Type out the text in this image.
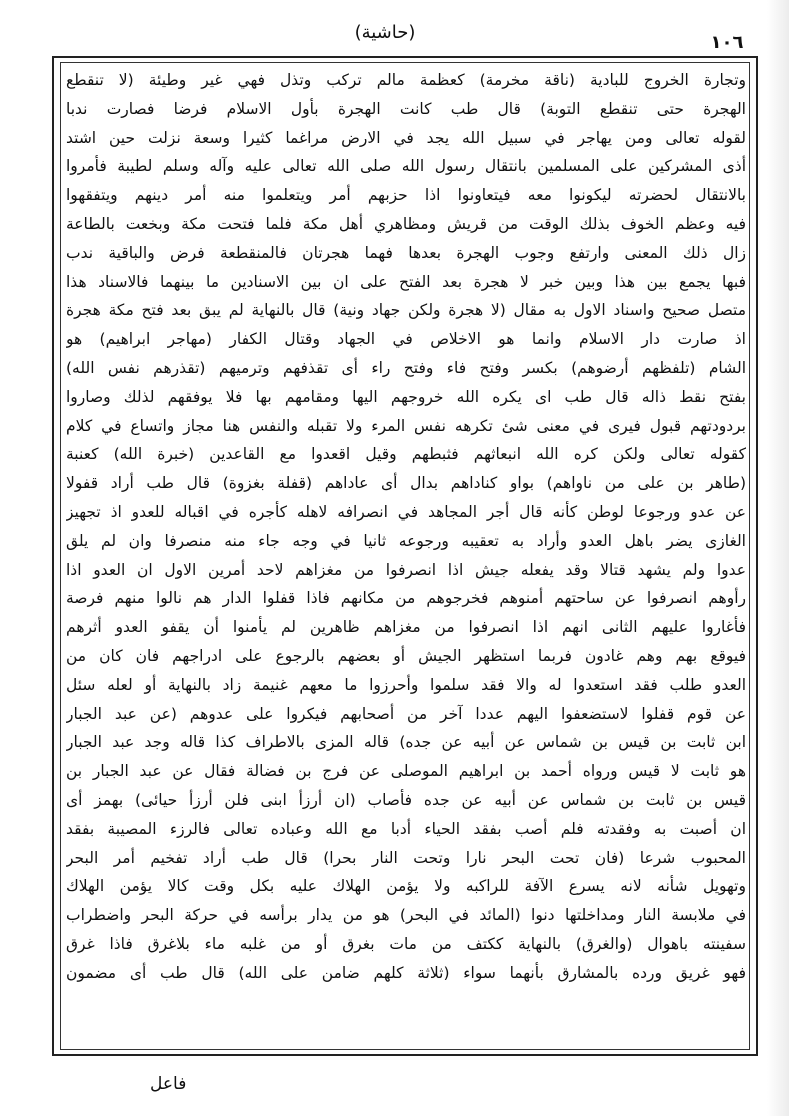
(حاشية)	١٠٦
وتجارة الخروج للبادية (ناقة مخرمة) كعظمة مالم تركب وتذل فهي غير وطيئة (لا تنقطع
الهجرة حتى تنقطع التوبة) قال طب كانت الهجرة بأول الاسلام فرضا فصارت ندبا
لقوله تعالى ومن يهاجر في سبيل الله يجد في الارض مراغما كثيرا وسعة نزلت حين اشتد
أذى المشركين على المسلمين بانتقال رسول الله صلى الله تعالى عليه وآله وسلم لطيبة فأمروا
بالانتقال لحضرته ليكونوا معه فيتعاونوا اذا حزبهم أمر ويتعلموا منه أمر دينهم ويتفقهوا
فيه وعظم الخوف بذلك الوقت من قريش ومظاهري أهل مكة فلما فتحت مكة وبخعت بالطاعة
زال ذلك المعنى وارتفع وجوب الهجرة بعدها فهما هجرتان فالمنقطعة فرض والباقية ندب
فبها يجمع بين هذا وبين خبر لا هجرة بعد الفتح على ان بين الاسنادين ما بينهما فالاسناد هذا
متصل صحيح واسناد الاول به مقال (لا هجرة ولكن جهاد ونية) قال بالنهاية لم يبق بعد فتح مكة هجرة
اذ صارت دار الاسلام وانما هو الاخلاص في الجهاد وقتال الكفار (مهاجر ابراهيم) هو
الشام (تلفظهم أرضوهم) بكسر وفتح فاء وفتح راء أى تقذفهم وترميهم (تقذرهم نفس الله)
بفتح نقط ذاله قال طب اى يكره الله خروجهم اليها ومقامهم بها فلا يوفقهم لذلك وصاروا
بردودتهم قبول فيرى في معنى شئ تكرهه نفس المرء ولا تقبله والنفس هنا مجاز واتساع في كلام
كقوله تعالى ولكن كره الله انبعاثهم فثبطهم وقيل اقعدوا مع القاعدين (خبرة الله) كعنبة
(طاهر بن على من ناواهم) بواو كناداهم بدال أى عاداهم (قفلة بغزوة) قال طب أراد قفولا
عن عدو ورجوعا لوطن كأنه قال أجر المجاهد في انصرافه لاهله كأجره في اقباله للعدو اذ تجهيز
الغازى يضر باهل العدو وأراد به تعقيبه ورجوعه ثانيا في وجه جاء منه منصرفا وان لم يلق
عدوا ولم يشهد قتالا وقد يفعله جيش اذا انصرفوا من مغزاهم لاحد أمرين الاول ان العدو اذا
رأوهم انصرفوا عن ساحتهم أمنوهم فخرجوهم من مكانهم فاذا قفلوا الدار هم نالوا منهم فرصة
فأغاروا عليهم الثانى انهم اذا انصرفوا من مغزاهم ظاهرين لم يأمنوا أن يقفو العدو أثرهم
فيوقع بهم وهم غادون فربما استظهر الجيش أو بعضهم بالرجوع على ادراجهم فان كان من
العدو طلب فقد استعدوا له والا فقد سلموا وأحرزوا ما معهم غنيمة زاد بالنهاية أو لعله سئل
عن قوم قفلوا لاستضعفوا اليهم عددا آخر من أصحابهم فيكروا على عدوهم (عن عبد الجبار
ابن ثابت بن قيس بن شماس عن أبيه عن جده) قاله المزى بالاطراف كذا قاله وجد عبد الجبار
هو ثابت لا قيس ورواه أحمد بن ابراهيم الموصلى عن فرج بن فضالة فقال عن عبد الجبار بن
قيس بن ثابت بن شماس عن أبيه عن جده فأصاب (ان أرزأ ابنى فلن أرزأ حيائى) بهمز أى
ان أصبت به وفقدته فلم أصب بفقد الحياء أدبا مع الله وعباده تعالى فالرزء المصيبة بفقد
المحبوب شرعا (فان تحت البحر نارا وتحت النار بحرا) قال طب أراد تفخيم أمر البحر
وتهويل شأنه لانه يسرع الآفة للراكبه ولا يؤمن الهلاك عليه بكل وقت كالا يؤمن الهلاك
في ملابسة النار ومداخلتها دنوا (المائد في البحر) هو من يدار برأسه في حركة البحر واضطراب
سفينته باهوال (والغرق) بالنهاية ككتف من مات بغرق أو من غلبه ماء بلاغرق فاذا غرق
فهو غريق ورده بالمشارق بأنهما سواء (ثلاثة كلهم ضامن على الله) قال طب أى مضمون
فاعل
